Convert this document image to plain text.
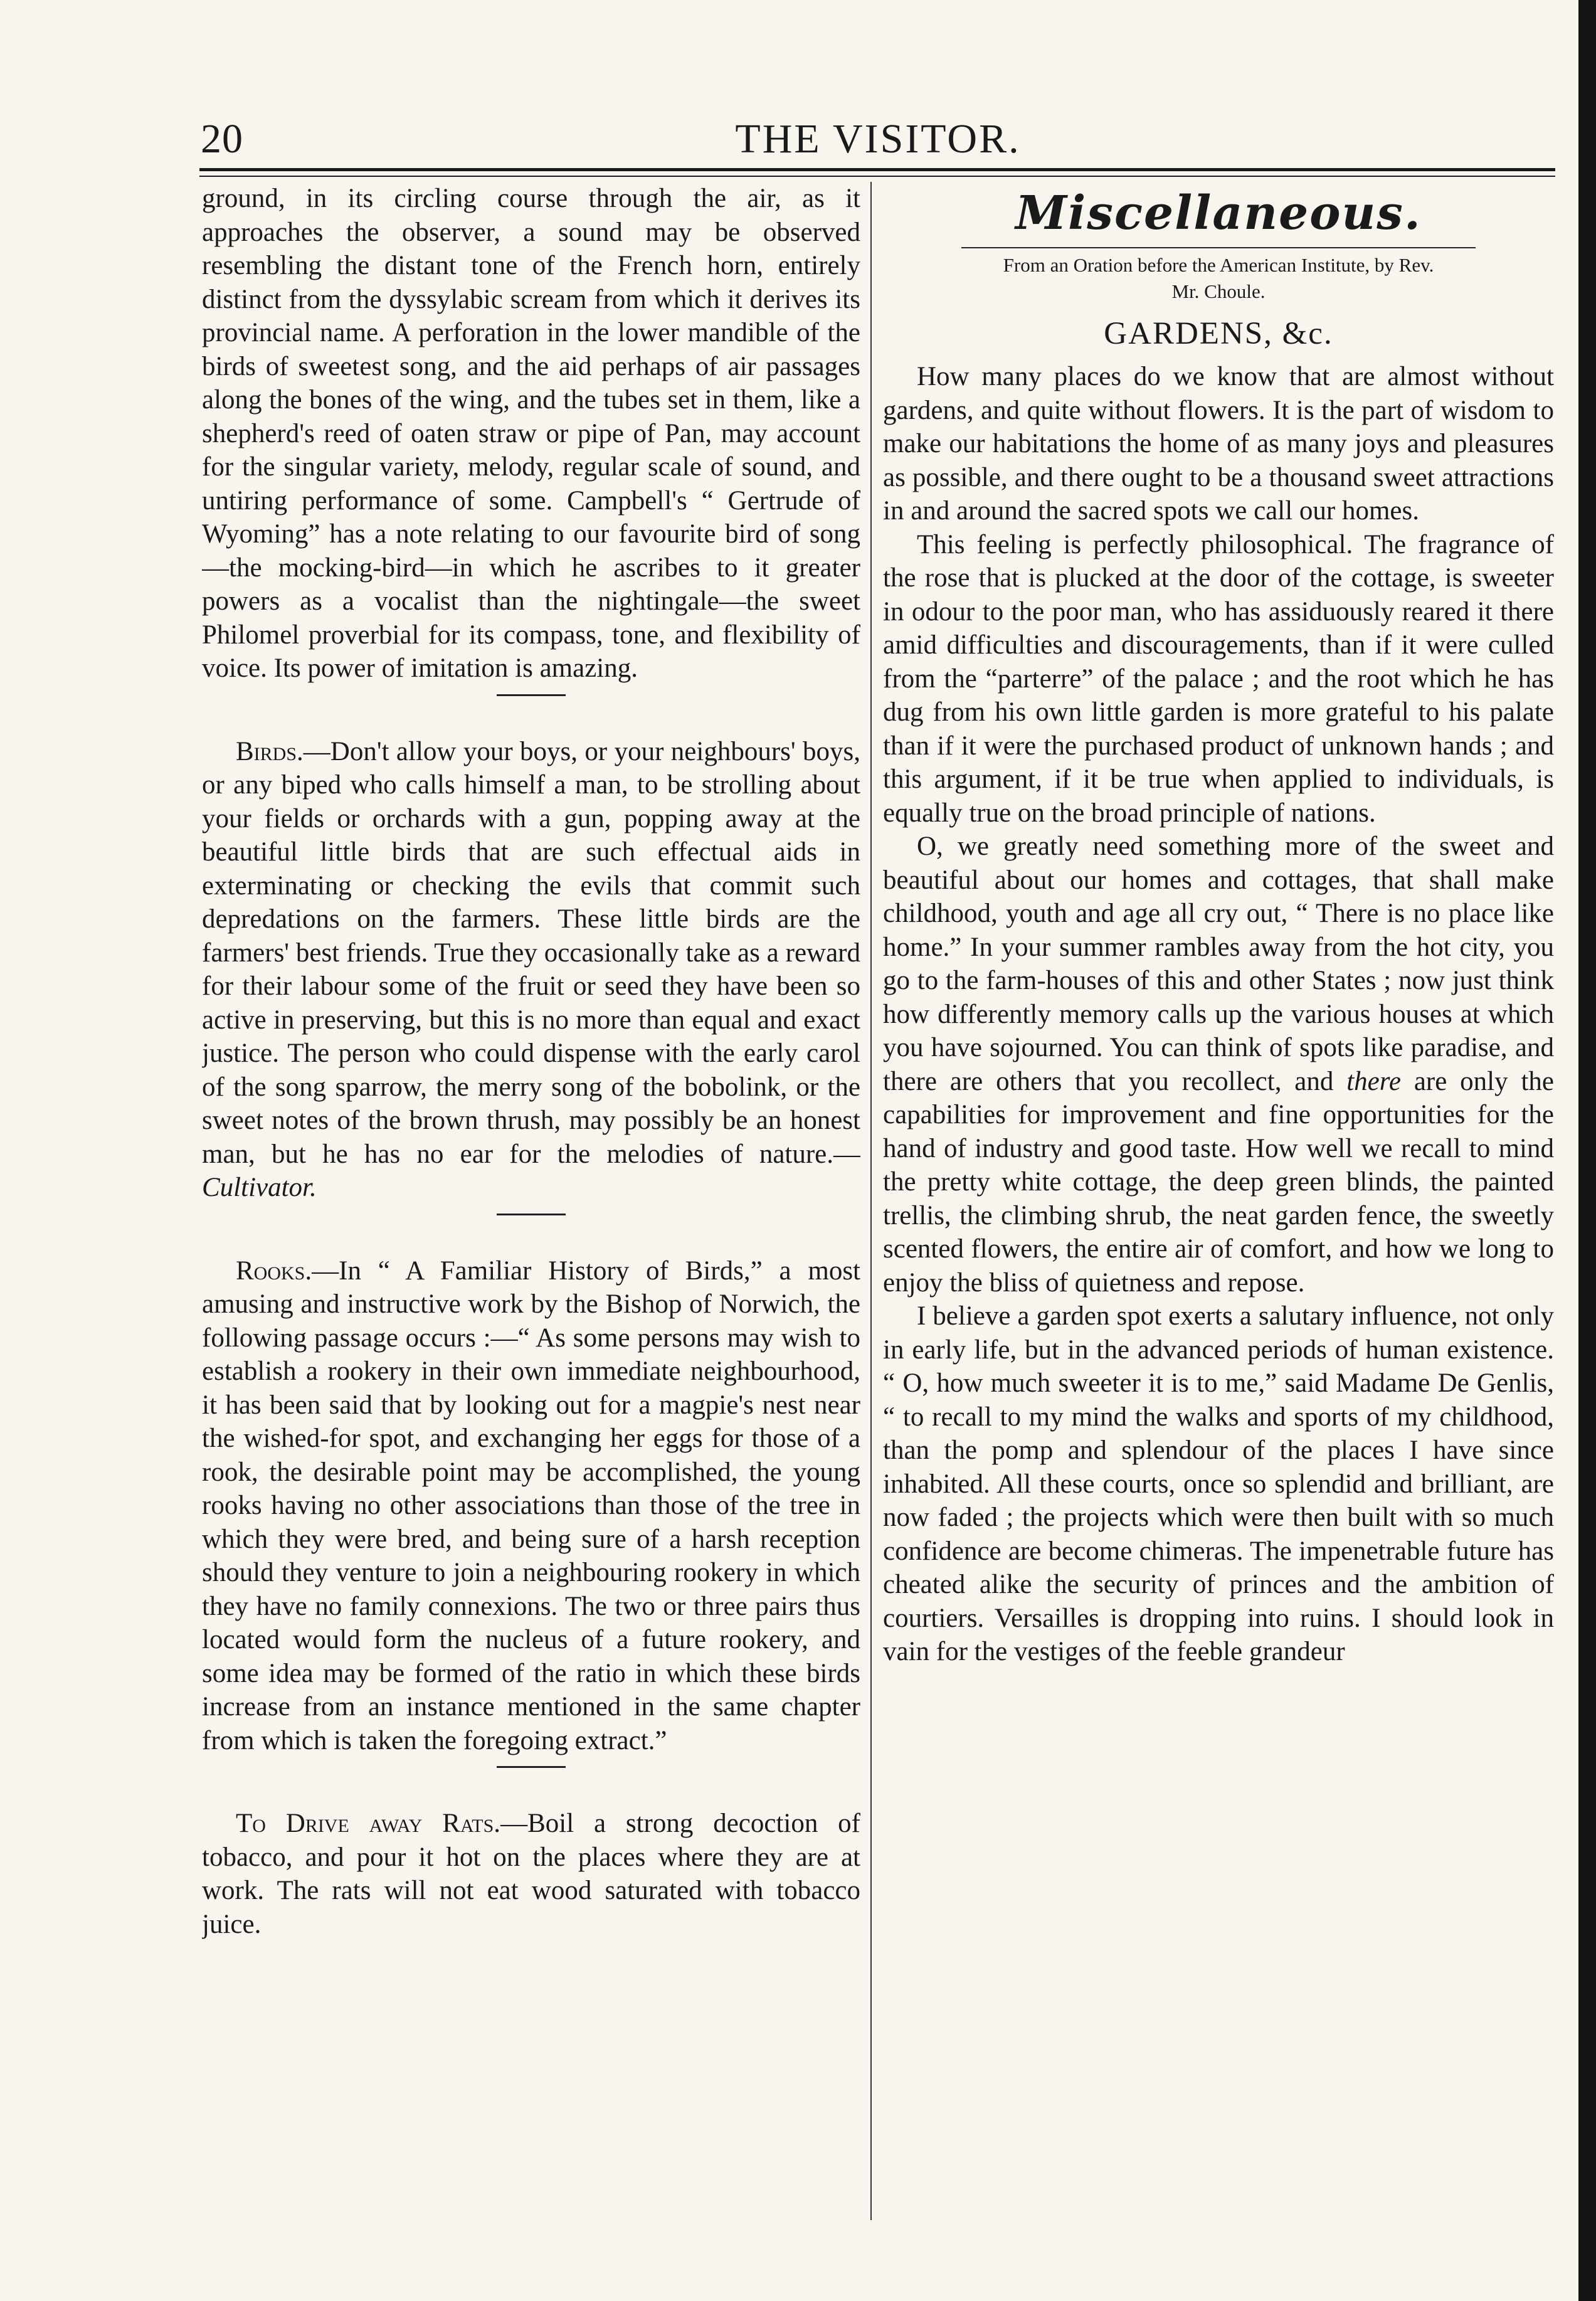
20	THE VISITOR.

ground, in its circling course through the air, as it approaches the observer, a sound may be observed resembling the distant tone of the French horn, entirely distinct from the dyssylabic scream from which it derives its provincial name. A perforation in the lower mandible of the birds of sweetest song, and the aid perhaps of air passages along the bones of the wing, and the tubes set in them, like a shepherd's reed of oaten straw or pipe of Pan, may account for the singular variety, melody, regular scale of sound, and untiring performance of some. Campbell's “ Gertrude of Wyoming” has a note relating to our favourite bird of song—the mocking-bird—in which he ascribes to it greater powers as a vocalist than the nightingale—the sweet Philomel proverbial for its compass, tone, and flexibility of voice. Its power of imitation is amazing.

Birds.—Don't allow your boys, or your neighbours' boys, or any biped who calls himself a man, to be strolling about your fields or orchards with a gun, popping away at the beautiful little birds that are such effectual aids in exterminating or checking the evils that commit such depredations on the farmers. These little birds are the farmers' best friends. True they occasionally take as a reward for their labour some of the fruit or seed they have been so active in preserving, but this is no more than equal and exact justice. The person who could dispense with the early carol of the song sparrow, the merry song of the bobolink, or the sweet notes of the brown thrush, may possibly be an honest man, but he has no ear for the melodies of nature.—Cultivator.

Rooks.—In “ A Familiar History of Birds,” a most amusing and instructive work by the Bishop of Norwich, the following passage occurs :—“ As some persons may wish to establish a rookery in their own immediate neighbourhood, it has been said that by looking out for a magpie's nest near the wished-for spot, and exchanging her eggs for those of a rook, the desirable point may be accomplished, the young rooks having no other associations than those of the tree in which they were bred, and being sure of a harsh reception should they venture to join a neighbouring rookery in which they have no family connexions. The two or three pairs thus located would form the nucleus of a future rookery, and some idea may be formed of the ratio in which these birds increase from an instance mentioned in the same chapter from which is taken the foregoing extract.”

To Drive away Rats.—Boil a strong decoction of tobacco, and pour it hot on the places where they are at work. The rats will not eat wood saturated with tobacco juice.

Miscellaneous.
From an Oration before the American Institute, by Rev.
Mr. Choule.
GARDENS, &c.

How many places do we know that are almost without gardens, and quite without flowers. It is the part of wisdom to make our habitations the home of as many joys and pleasures as possible, and there ought to be a thousand sweet attractions in and around the sacred spots we call our homes.

This feeling is perfectly philosophical. The fragrance of the rose that is plucked at the door of the cottage, is sweeter in odour to the poor man, who has assiduously reared it there amid difficulties and discouragements, than if it were culled from the “parterre” of the palace ; and the root which he has dug from his own little garden is more grateful to his palate than if it were the purchased product of unknown hands ; and this argument, if it be true when applied to individuals, is equally true on the broad principle of nations.

O, we greatly need something more of the sweet and beautiful about our homes and cottages, that shall make childhood, youth and age all cry out, “ There is no place like home.” In your summer rambles away from the hot city, you go to the farm-houses of this and other States ; now just think how differently memory calls up the various houses at which you have sojourned. You can think of spots like paradise, and there are others that you recollect, and there are only the capabilities for improvement and fine opportunities for the hand of industry and good taste. How well we recall to mind the pretty white cottage, the deep green blinds, the painted trellis, the climbing shrub, the neat garden fence, the sweetly scented flowers, the entire air of comfort, and how we long to enjoy the bliss of quietness and repose.

I believe a garden spot exerts a salutary influence, not only in early life, but in the advanced periods of human existence. “ O, how much sweeter it is to me,” said Madame De Genlis, “ to recall to my mind the walks and sports of my childhood, than the pomp and splendour of the places I have since inhabited. All these courts, once so splendid and brilliant, are now faded ; the projects which were then built with so much confidence are become chimeras. The impenetrable future has cheated alike the security of princes and the ambition of courtiers. Versailles is dropping into ruins. I should look in vain for the vestiges of the feeble grandeur
